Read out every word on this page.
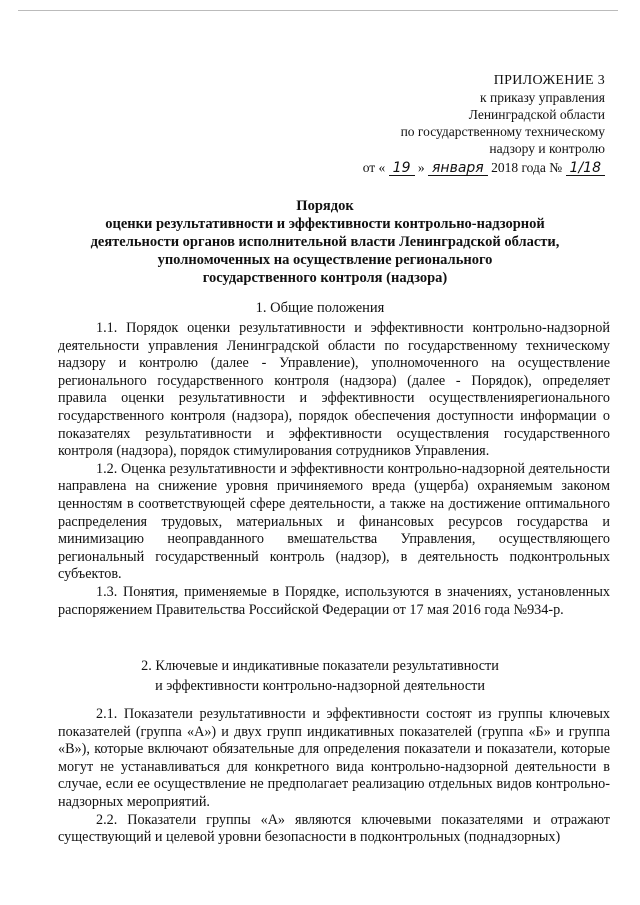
ПРИЛОЖЕНИЕ 3
к приказу управления
Ленинградской области
по государственному техническому
надзору и контролю
от « 19 » января 2018 года № 1/18
Порядок
оценки результативности и эффективности контрольно-надзорной
деятельности органов исполнительной власти Ленинградской области,
уполномоченных на осуществление регионального
государственного контроля (надзора)
1. Общие положения

1.1. Порядок оценки результативности и эффективности контрольно-надзорной деятельности управления Ленинградской области по государственному техническому надзору и контролю (далее - Управление), уполномоченного на осуществление регионального государственного контроля (надзора) (далее - Порядок), определяет правила оценки результативности и эффективности осуществлениярегионального государственного контроля (надзора), порядок обеспечения доступности информации о показателях результативности и эффективности осуществления государственного контроля (надзора), порядок стимулирования сотрудников Управления.

1.2. Оценка результативности и эффективности контрольно-надзорной деятельности направлена на снижение уровня причиняемого вреда (ущерба) охраняемым законом ценностям в соответствующей сфере деятельности, а также на достижение оптимального распределения трудовых, материальных и финансовых ресурсов государства и минимизацию неоправданного вмешательства Управления, осуществляющего региональный государственный контроль (надзор), в деятельность подконтрольных субъектов.

1.3. Понятия, применяемые в Порядке, используются в значениях, установленных распоряжением Правительства Российской Федерации от 17 мая 2016 года №934-р.

2. Ключевые и индикативные показатели результативности
и эффективности контрольно-надзорной деятельности

2.1. Показатели результативности и эффективности состоят из группы ключевых показателей (группа «А») и двух групп индикативных показателей (группа «Б» и группа «В»), которые включают обязательные для определения показатели и показатели, которые могут не устанавливаться для конкретного вида контрольно-надзорной деятельности в случае, если ее осуществление не предполагает реализацию отдельных видов контрольно-надзорных мероприятий.

2.2. Показатели группы «А» являются ключевыми показателями и отражают существующий и целевой уровни безопасности в подконтрольных (поднадзорных)
